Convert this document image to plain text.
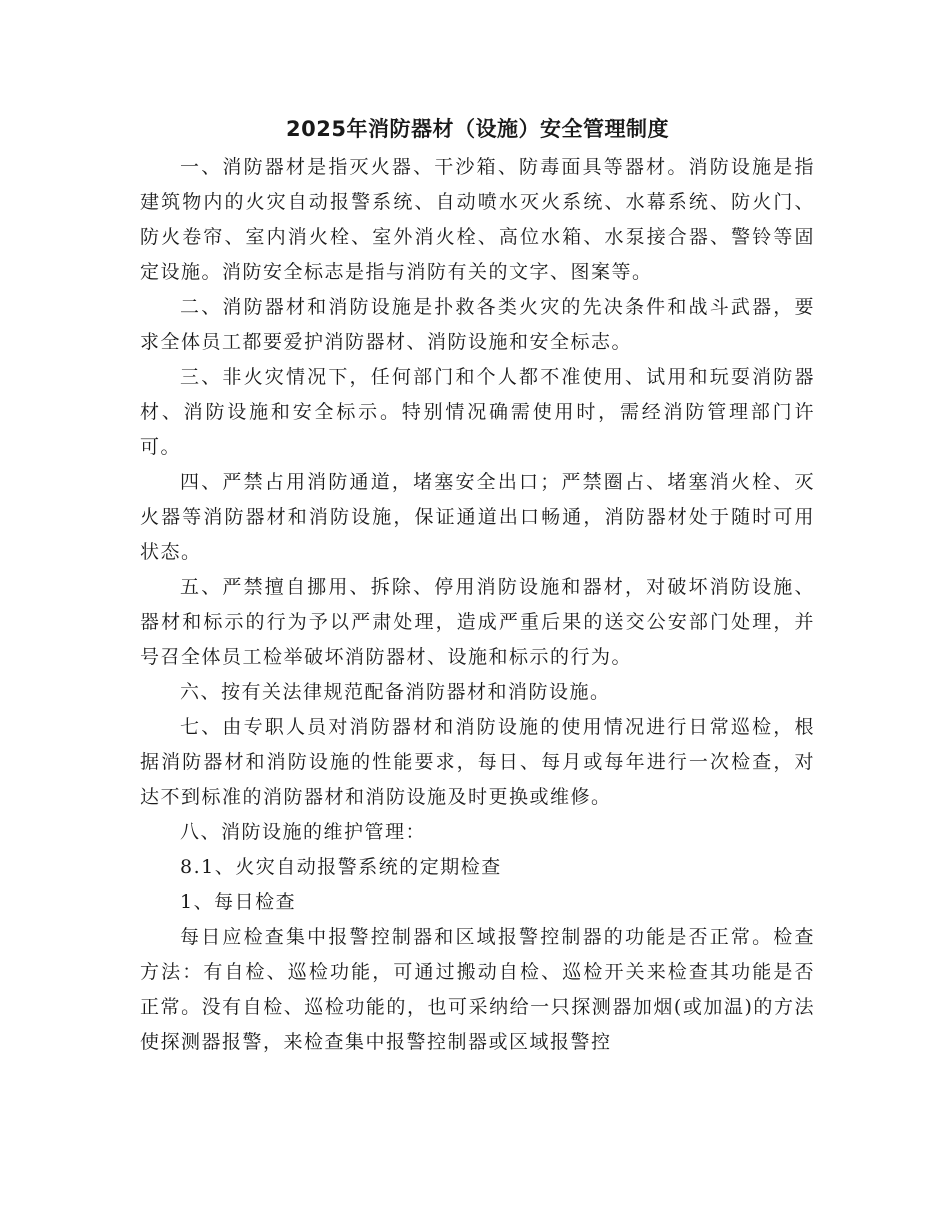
2025年消防器材（设施）安全管理制度

一、消防器材是指灭火器、干沙箱、防毒面具等器材。消防设施是指建筑物内的火灾自动报警系统、自动喷水灭火系统、水幕系统、防火门、防火卷帘、室内消火栓、室外消火栓、高位水箱、水泵接合器、警铃等固定设施。消防安全标志是指与消防有关的文字、图案等。

二、消防器材和消防设施是扑救各类火灾的先决条件和战斗武器，要求全体员工都要爱护消防器材、消防设施和安全标志。

三、非火灾情况下，任何部门和个人都不准使用、试用和玩耍消防器材、消防设施和安全标示。特别情况确需使用时，需经消防管理部门许可。

四、严禁占用消防通道，堵塞安全出口；严禁圈占、堵塞消火栓、灭火器等消防器材和消防设施，保证通道出口畅通，消防器材处于随时可用状态。

五、严禁擅自挪用、拆除、停用消防设施和器材，对破坏消防设施、器材和标示的行为予以严肃处理，造成严重后果的送交公安部门处理，并号召全体员工检举破坏消防器材、设施和标示的行为。

六、按有关法律规范配备消防器材和消防设施。

七、由专职人员对消防器材和消防设施的使用情况进行日常巡检，根据消防器材和消防设施的性能要求，每日、每月或每年进行一次检查，对达不到标准的消防器材和消防设施及时更换或维修。

八、消防设施的维护管理：

8.1、火灾自动报警系统的定期检查

1、每日检查

每日应检查集中报警控制器和区域报警控制器的功能是否正常。检查方法：有自检、巡检功能，可通过搬动自检、巡检开关来检查其功能是否正常。没有自检、巡检功能的，也可采纳给一只探测器加烟(或加温)的方法使探测器报警，来检查集中报警控制器或区域报警控
